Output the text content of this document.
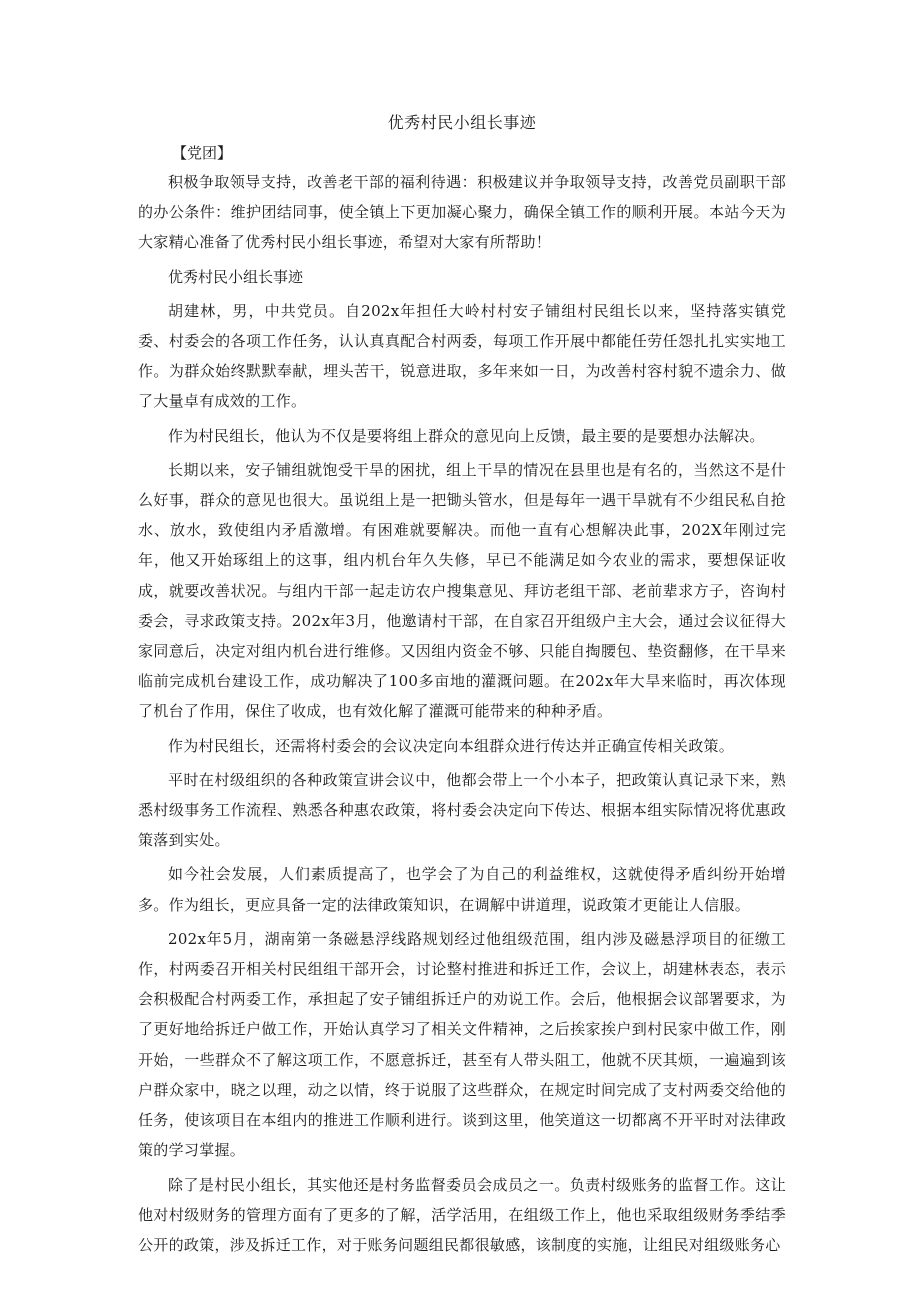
优秀村民小组长事迹

【党团】

积极争取领导支持，改善老干部的福利待遇：积极建议并争取领导支持，改善党员副职干部的办公条件：维护团结同事，使全镇上下更加凝心聚力，确保全镇工作的顺利开展。本站今天为大家精心准备了优秀村民小组长事迹，希望对大家有所帮助！

优秀村民小组长事迹

胡建林，男，中共党员。自202x年担任大岭村村安子铺组村民组长以来，坚持落实镇党委、村委会的各项工作任务，认认真真配合村两委，每项工作开展中都能任劳任怨扎扎实实地工作。为群众始终默默奉献，埋头苦干，锐意进取，多年来如一日，为改善村容村貌不遗余力、做了大量卓有成效的工作。

作为村民组长，他认为不仅是要将组上群众的意见向上反馈，最主要的是要想办法解决。

长期以来，安子铺组就饱受干旱的困扰，组上干旱的情况在县里也是有名的，当然这不是什么好事，群众的意见也很大。虽说组上是一把锄头管水，但是每年一遇干旱就有不少组民私自抢水、放水，致使组内矛盾激增。有困难就要解决。而他一直有心想解决此事，202X年刚过完年，他又开始琢组上的这事，组内机台年久失修，早已不能满足如今农业的需求，要想保证收成，就要改善状况。与组内干部一起走访农户搜集意见、拜访老组干部、老前辈求方子，咨询村委会，寻求政策支持。202x年3月，他邀请村干部，在自家召开组级户主大会，通过会议征得大家同意后，决定对组内机台进行维修。又因组内资金不够、只能自掏腰包、垫资翻修，在干旱来临前完成机台建设工作，成功解决了100多亩地的灌溉问题。在202x年大旱来临时，再次体现了机台了作用，保住了收成，也有效化解了灌溉可能带来的种种矛盾。

作为村民组长，还需将村委会的会议决定向本组群众进行传达并正确宣传相关政策。

平时在村级组织的各种政策宣讲会议中，他都会带上一个小本子，把政策认真记录下来，熟悉村级事务工作流程、熟悉各种惠农政策，将村委会决定向下传达、根据本组实际情况将优惠政策落到实处。

如今社会发展，人们素质提高了，也学会了为自己的利益维权，这就使得矛盾纠纷开始增多。作为组长，更应具备一定的法律政策知识，在调解中讲道理，说政策才更能让人信服。

202x年5月，湖南第一条磁悬浮线路规划经过他组级范围，组内涉及磁悬浮项目的征缴工作，村两委召开相关村民组组干部开会，讨论整村推进和拆迁工作，会议上，胡建林表态，表示会积极配合村两委工作，承担起了安子铺组拆迁户的劝说工作。会后，他根据会议部署要求，为了更好地给拆迁户做工作，开始认真学习了相关文件精神，之后挨家挨户到村民家中做工作，刚开始，一些群众不了解这项工作，不愿意拆迁，甚至有人带头阻工，他就不厌其烦，一遍遍到该户群众家中，晓之以理，动之以情，终于说服了这些群众，在规定时间完成了支村两委交给他的任务，使该项目在本组内的推进工作顺利进行。谈到这里，他笑道这一切都离不开平时对法律政策的学习掌握。

除了是村民小组长，其实他还是村务监督委员会成员之一。负责村级账务的监督工作。这让他对村级财务的管理方面有了更多的了解，活学活用，在组级工作上，他也采取组级财务季结季公开的政策，涉及拆迁工作，对于账务问题组民都很敏感，该制度的实施，让组民对组级账务心
